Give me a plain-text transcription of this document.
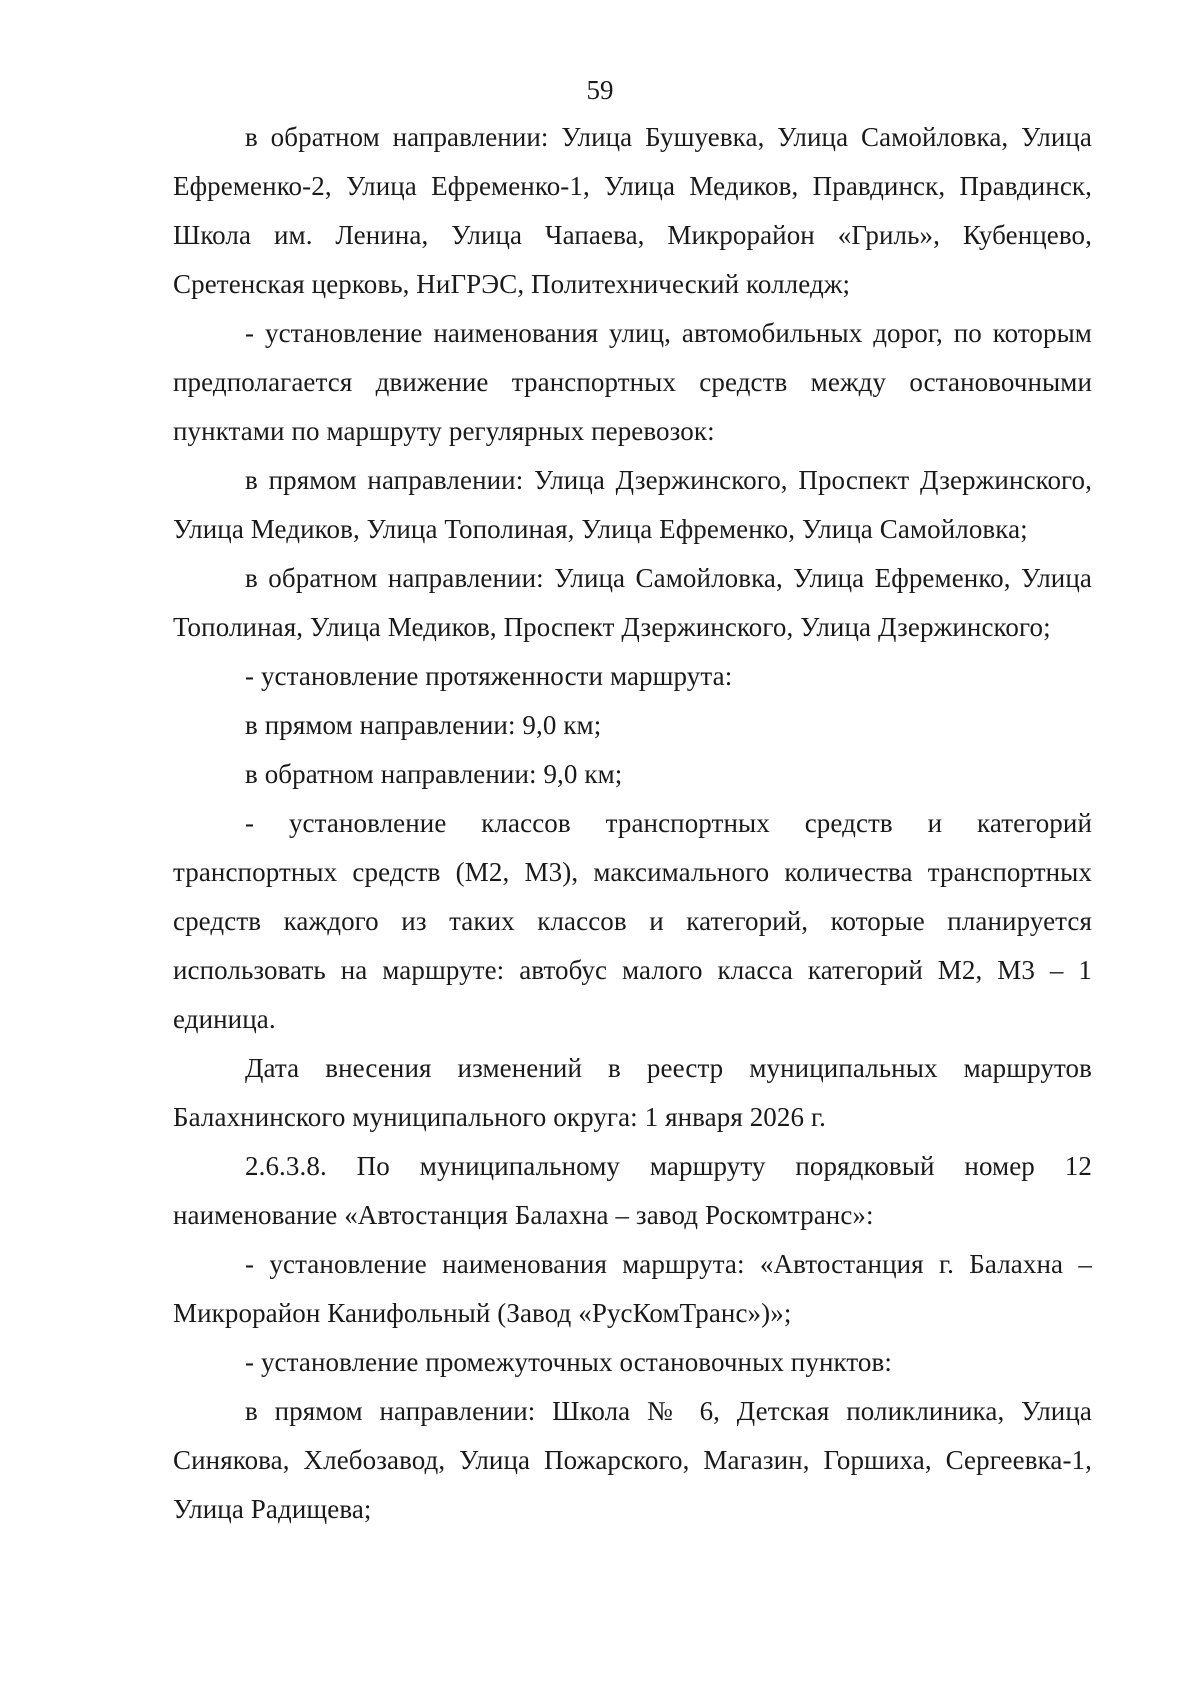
59

в обратном направлении: Улица Бушуевка, Улица Самойловка, Улица Ефременко-2, Улица Ефременко-1, Улица Медиков, Правдинск, Правдинск, Школа им. Ленина, Улица Чапаева, Микрорайон «Гриль», Кубенцево, Сретенская церковь, НиГРЭС, Политехнический колледж;

- установление наименования улиц, автомобильных дорог, по которым предполагается движение транспортных средств между остановочными пунктами по маршруту регулярных перевозок:

в прямом направлении: Улица Дзержинского, Проспект Дзержинского, Улица Медиков, Улица Тополиная, Улица Ефременко, Улица Самойловка;

в обратном направлении: Улица Самойловка, Улица Ефременко, Улица Тополиная, Улица Медиков, Проспект Дзержинского, Улица Дзержинского;

- установление протяженности маршрута:

в прямом направлении: 9,0 км;

в обратном направлении: 9,0 км;

- установление классов транспортных средств и категорий транспортных средств (М2, М3), максимального количества транспортных средств каждого из таких классов и категорий, которые планируется использовать на маршруте: автобус малого класса категорий М2, М3 – 1 единица.

Дата внесения изменений в реестр муниципальных маршрутов Балахнинского муниципального округа: 1 января 2026 г.

2.6.3.8. По муниципальному маршруту порядковый номер 12 наименование «Автостанция Балахна – завод Роскомтранс»:

- установление наименования маршрута: «Автостанция г. Балахна – Микрорайон Канифольный (Завод «РусКомТранс»)»;

- установление промежуточных остановочных пунктов:

в прямом направлении: Школа № 6, Детская поликлиника, Улица Синякова, Хлебозавод, Улица Пожарского, Магазин, Горшиха, Сергеевка-1, Улица Радищева;
